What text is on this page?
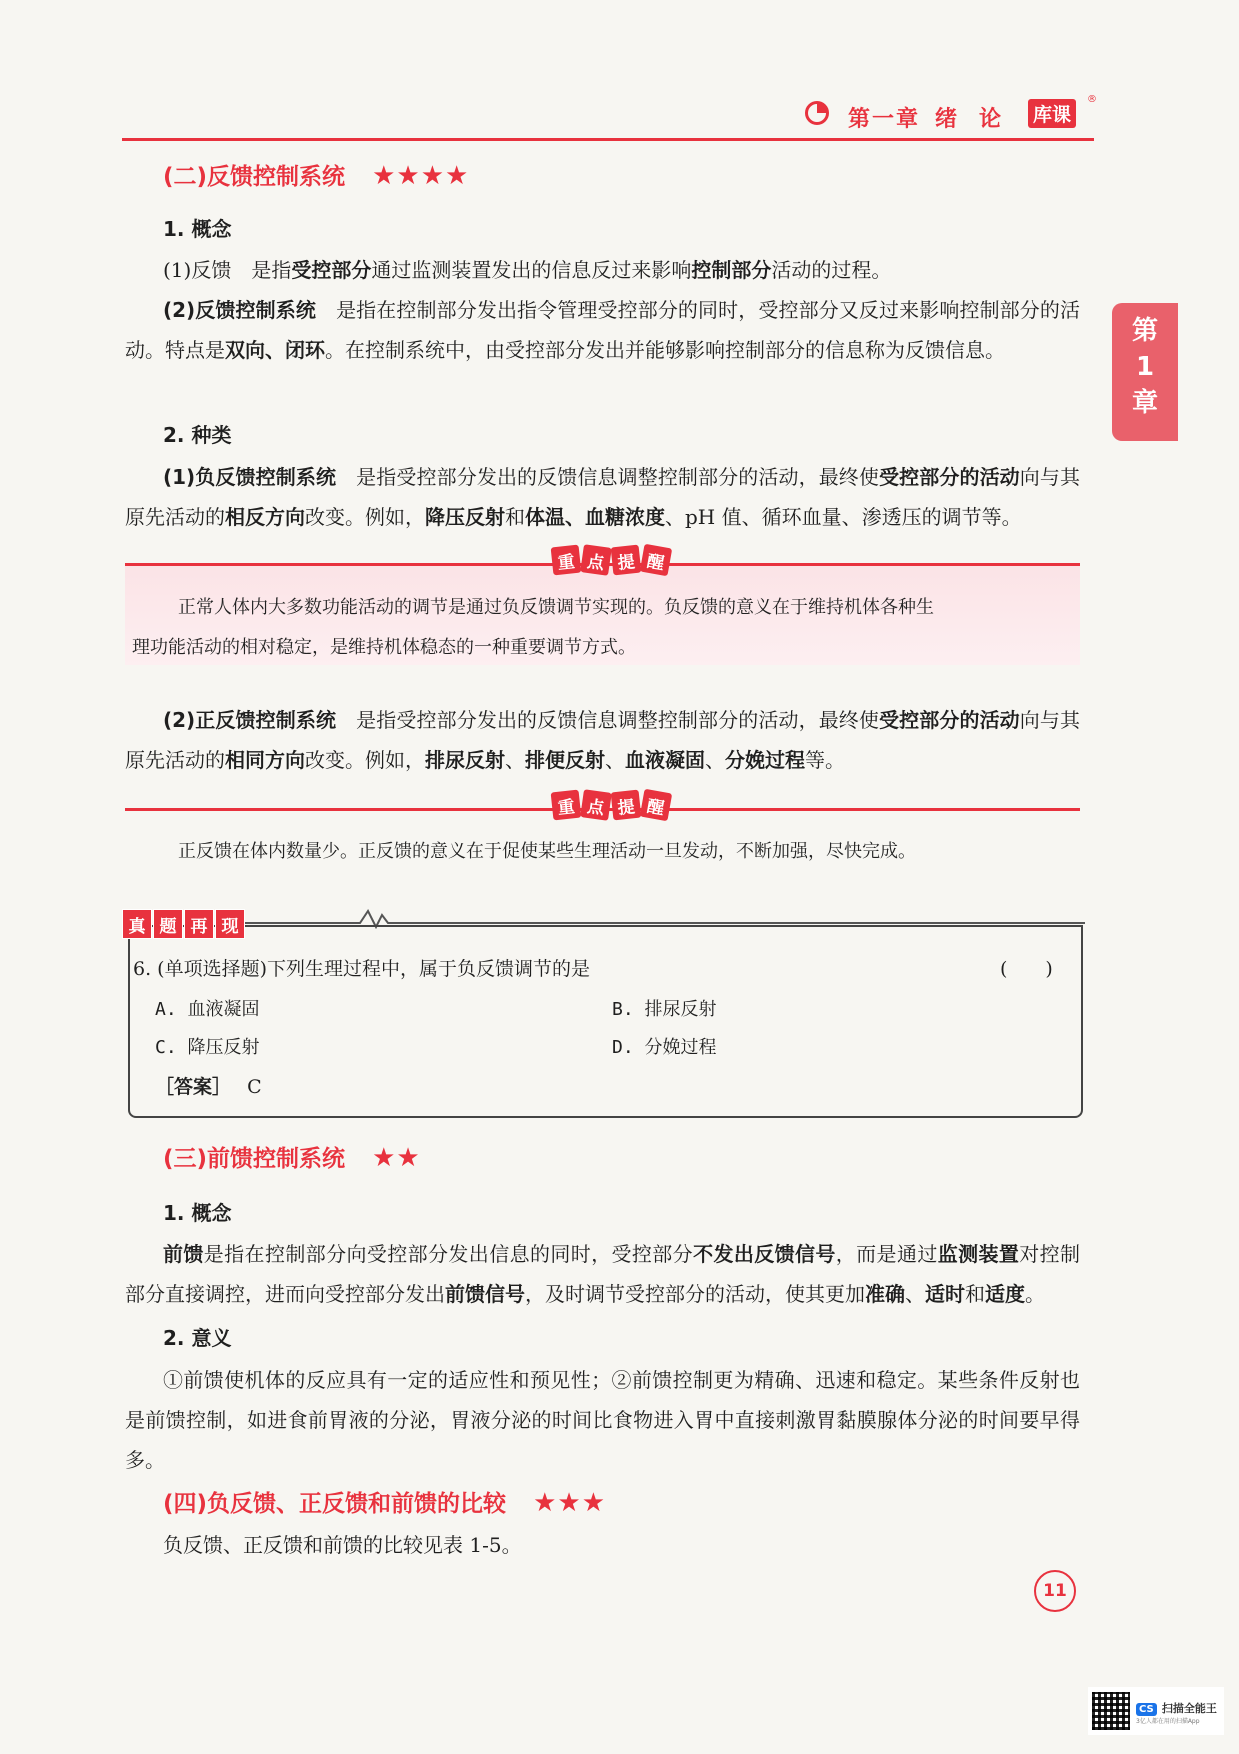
第一章 绪　论 库课
®
第
1
章
(二)反馈控制系统 ★★★★
1. 概念
(1)反馈　是指受控部分通过监测装置发出的信息反过来影响控制部分活动的过程。
(2)反馈控制系统　是指在控制部分发出指令管理受控部分的同时，受控部分又反过来影响控制部分的活动。特点是双向、闭环。在控制系统中，由受控部分发出并能够影响控制部分的信息称为反馈信息。
2. 种类
(1)负反馈控制系统　是指受控部分发出的反馈信息调整控制部分的活动，最终使受控部分的活动向与其原先活动的相反方向改变。例如，降压反射和体温、血糖浓度、pH 值、循环血量、渗透压的调节等。
重 点 提 醒
正常人体内大多数功能活动的调节是通过负反馈调节实现的。负反馈的意义在于维持机体各种生
理功能活动的相对稳定，是维持机体稳态的一种重要调节方式。
(2)正反馈控制系统　是指受控部分发出的反馈信息调整控制部分的活动，最终使受控部分的活动向与其原先活动的相同方向改变。例如，排尿反射、排便反射、血液凝固、分娩过程等。
重 点 提 醒
正反馈在体内数量少。正反馈的意义在于促使某些生理活动一旦发动，不断加强，尽快完成。
真 题 再 现
6. (单项选择题)下列生理过程中，属于负反馈调节的是	(　　)
A. 血液凝固	B. 排尿反射
C. 降压反射	D. 分娩过程
［答案］ C
(三)前馈控制系统 ★★
1. 概念
前馈是指在控制部分向受控部分发出信息的同时，受控部分不发出反馈信号，而是通过监测装置对控制部分直接调控，进而向受控部分发出前馈信号，及时调节受控部分的活动，使其更加准确、适时和适度。
2. 意义
①前馈使机体的反应具有一定的适应性和预见性；②前馈控制更为精确、迅速和稳定。某些条件反射也是前馈控制，如进食前胃液的分泌，胃液分泌的时间比食物进入胃中直接刺激胃黏膜腺体分泌的时间要早得多。
(四)负反馈、正反馈和前馈的比较 ★★★
负反馈、正反馈和前馈的比较见表 1-5。
11
CS 扫描全能王
3亿人都在用的扫描App
